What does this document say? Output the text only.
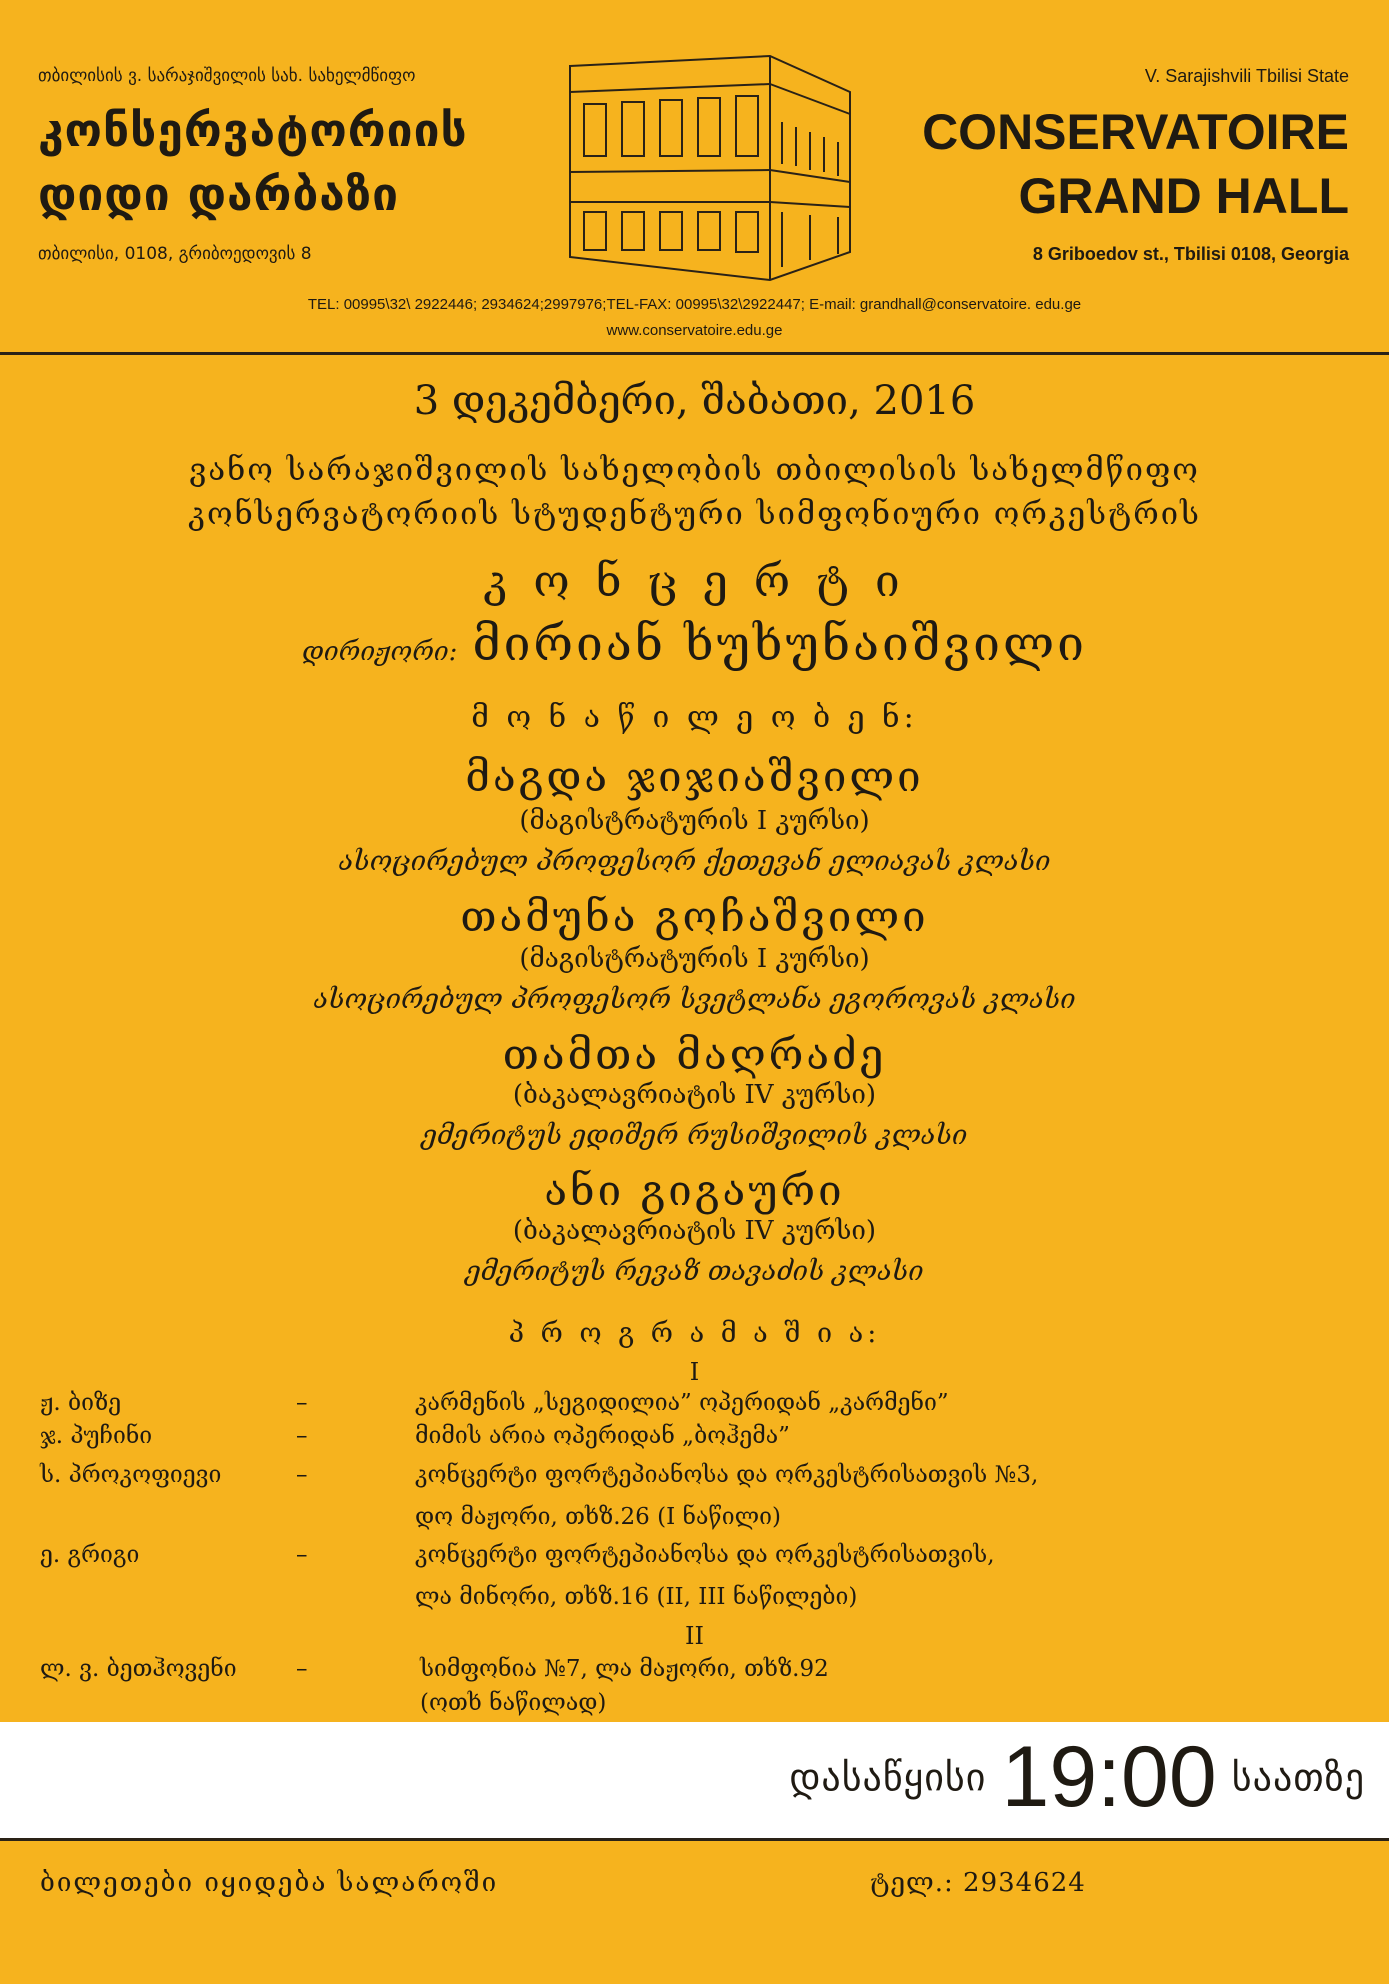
თბილისის ვ. სარაჯიშვილის სახ. სახელმწიფო
კონსერვატორიის
დიდი დარბაზი
თბილისი, 0108, გრიბოედოვის 8
V. Sarajishvili Tbilisi State
CONSERVATOIRE
GRAND HALL
8 Griboedov st., Tbilisi 0108, Georgia
TEL: 00995\32\ 2922446; 2934624;2997976;TEL-FAX: 00995\32\2922447; E-mail: grandhall@conservatoire. edu.ge
www.conservatoire.edu.ge
3 დეკემბერი, შაბათი, 2016
ვანო სარაჯიშვილის სახელობის თბილისის სახელმწიფო
კონსერვატორიის სტუდენტური სიმფონიური ორკესტრის
კ ო ნ ც ე რ ტ ი
დირიჟორი: მირიან ხუხუნაიშვილი
მ ო ნ ა წ ი ლ ე ო ბ ე ნ:
მაგდა ჯიჯიაშვილი
(მაგისტრატურის I კურსი)
ასოცირებულ პროფესორ ქეთევან ელიავას კლასი
თამუნა გოჩაშვილი
(მაგისტრატურის I კურსი)
ასოცირებულ პროფესორ სვეტლანა ეგოროვას კლასი
თამთა მაღრაძე
(ბაკალავრიატის IV კურსი)
ემერიტუს ედიშერ რუსიშვილის კლასი
ანი გიგაური
(ბაკალავრიატის IV კურსი)
ემერიტუს რევაზ თავაძის კლასი
პ რ ო გ რ ა მ ა შ ი ა:
I
ჟ. ბიზე	–	კარმენის „სეგიდილია” ოპერიდან „კარმენი”
ჯ. პუჩინი	–	მიმის არია ოპერიდან „ბოჰემა”
ს. პროკოფიევი	–	კონცერტი ფორტეპიანოსა და ორკესტრისათვის №3,
დო მაჟორი, თხზ.26 (I ნაწილი)
ე. გრიგი	–	კონცერტი ფორტეპიანოსა და ორკესტრისათვის,
ლა მინორი, თხზ.16 (II, III ნაწილები)
II
ლ. ვ. ბეთჰოვენი	–	სიმფონია №7, ლა მაჟორი, თხზ.92
(ოთხ ნაწილად)
დასაწყისი 19:00 საათზე
ბილეთები იყიდება სალაროში	ტელ.: 2934624
